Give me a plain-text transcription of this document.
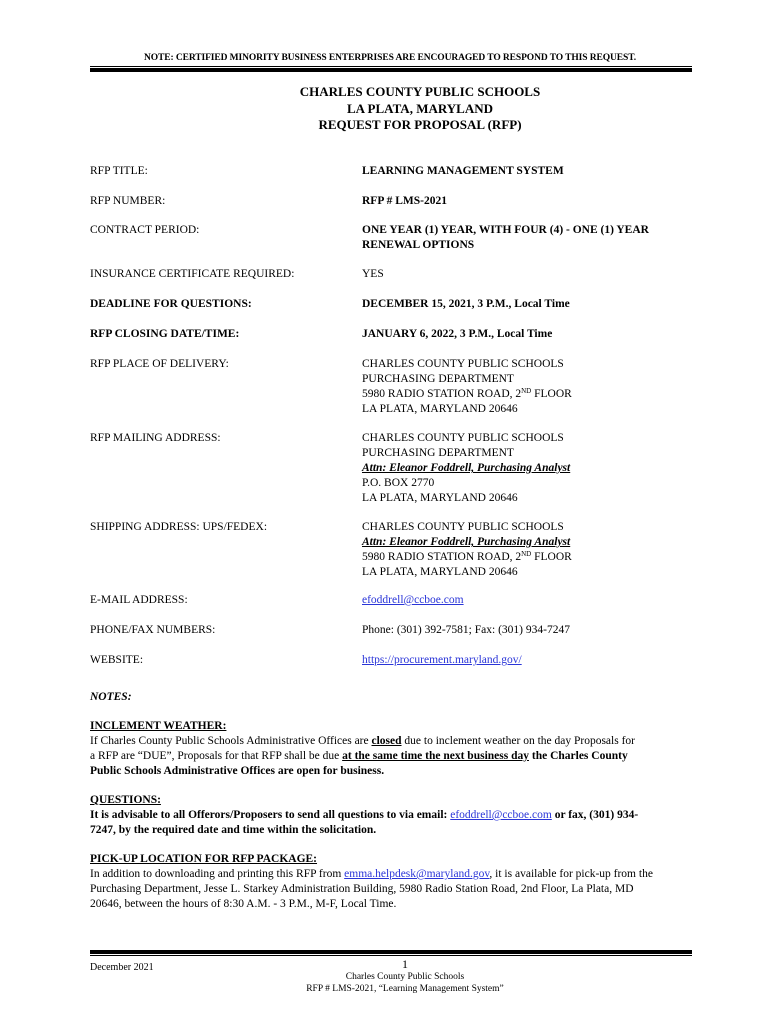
NOTE: CERTIFIED MINORITY BUSINESS ENTERPRISES ARE ENCOURAGED TO RESPOND TO THIS REQUEST.
CHARLES COUNTY PUBLIC SCHOOLS
LA PLATA, MARYLAND
REQUEST FOR PROPOSAL (RFP)
RFP TITLE:	LEARNING MANAGEMENT SYSTEM
RFP NUMBER:	RFP # LMS-2021
CONTRACT PERIOD:	ONE YEAR (1) YEAR, WITH FOUR (4) - ONE (1) YEAR
RENEWAL OPTIONS
INSURANCE CERTIFICATE REQUIRED:	YES
DEADLINE FOR QUESTIONS:	DECEMBER 15, 2021, 3 P.M., Local Time
RFP CLOSING DATE/TIME:	JANUARY 6, 2022, 3 P.M., Local Time
RFP PLACE OF DELIVERY:	CHARLES COUNTY PUBLIC SCHOOLS
PURCHASING DEPARTMENT
5980 RADIO STATION ROAD, 2ND FLOOR
LA PLATA, MARYLAND 20646
RFP MAILING ADDRESS:	CHARLES COUNTY PUBLIC SCHOOLS
PURCHASING DEPARTMENT
Attn: Eleanor Foddrell, Purchasing Analyst
P.O. BOX 2770
LA PLATA, MARYLAND 20646
SHIPPING ADDRESS: UPS/FEDEX:	CHARLES COUNTY PUBLIC SCHOOLS
Attn: Eleanor Foddrell, Purchasing Analyst
5980 RADIO STATION ROAD, 2ND FLOOR
LA PLATA, MARYLAND 20646
E-MAIL ADDRESS:	efoddrell@ccboe.com
PHONE/FAX NUMBERS:	Phone: (301) 392-7581; Fax: (301) 934-7247
WEBSITE:	https://procurement.maryland.gov/
NOTES:
INCLEMENT WEATHER:
If Charles County Public Schools Administrative Offices are closed due to inclement weather on the day Proposals for
a RFP are “DUE”, Proposals for that RFP shall be due at the same time the next business day the Charles County
Public Schools Administrative Offices are open for business.
QUESTIONS:
It is advisable to all Offerors/Proposers to send all questions to via email: efoddrell@ccboe.com or fax, (301) 934-
7247, by the required date and time within the solicitation.
PICK-UP LOCATION FOR RFP PACKAGE:
In addition to downloading and printing this RFP from emma.helpdesk@maryland.gov, it is available for pick-up from the
Purchasing Department, Jesse L. Starkey Administration Building, 5980 Radio Station Road, 2nd Floor, La Plata, MD
20646, between the hours of 8:30 A.M. - 3 P.M., M-F, Local Time.
December 2021	1
Charles County Public Schools
RFP # LMS-2021, “Learning Management System”
